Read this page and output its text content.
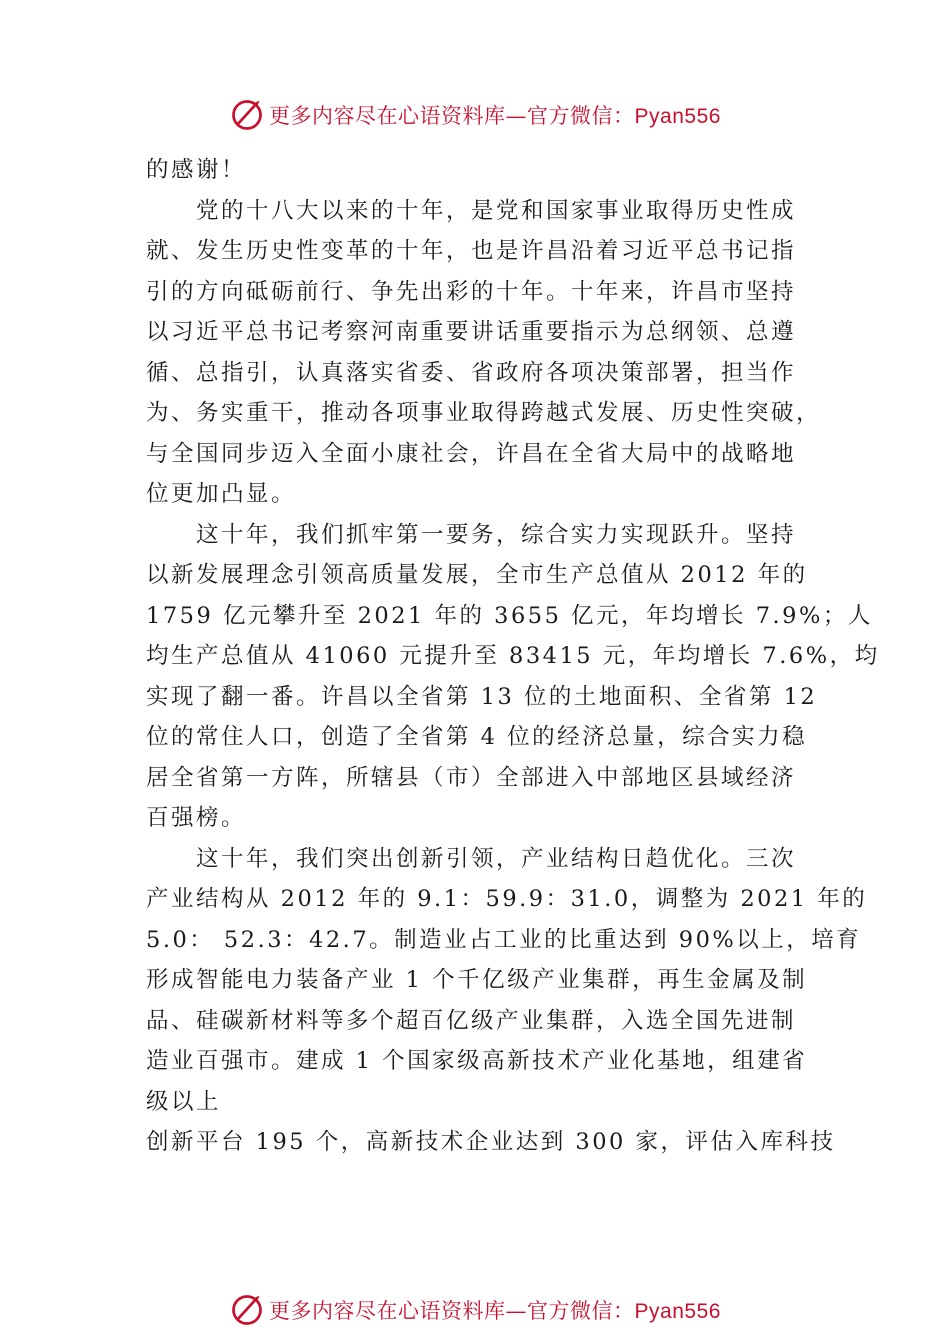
更多内容尽在心语资料库—官方微信：Pyan556

的感谢！

党的十八大以来的十年，是党和国家事业取得历史性成

就、发生历史性变革的十年，也是许昌沿着习近平总书记指

引的方向砥砺前行、争先出彩的十年。十年来，许昌市坚持

以习近平总书记考察河南重要讲话重要指示为总纲领、总遵

循、总指引，认真落实省委、省政府各项决策部署，担当作

为、务实重干，推动各项事业取得跨越式发展、历史性突破，

与全国同步迈入全面小康社会，许昌在全省大局中的战略地

位更加凸显。

这十年，我们抓牢第一要务，综合实力实现跃升。坚持

以新发展理念引领高质量发展，全市生产总值从 2012 年的

1759 亿元攀升至 2021 年的 3655 亿元，年均增长 7.9%；人

均生产总值从 41060 元提升至 83415 元，年均增长 7.6%，均

实现了翻一番。许昌以全省第 13 位的土地面积、全省第 12

位的常住人口，创造了全省第 4 位的经济总量，综合实力稳

居全省第一方阵，所辖县（市）全部进入中部地区县域经济

百强榜。

这十年，我们突出创新引领，产业结构日趋优化。三次

产业结构从 2012 年的 9.1：59.9：31.0，调整为 2021 年的

5.0： 52.3：42.7。制造业占工业的比重达到 90%以上，培育

形成智能电力装备产业 1 个千亿级产业集群，再生金属及制

品、硅碳新材料等多个超百亿级产业集群，入选全国先进制

造业百强市。建成 1 个国家级高新技术产业化基地，组建省

级以上

创新平台 195 个，高新技术企业达到 300 家，评估入库科技

更多内容尽在心语资料库—官方微信：Pyan556
